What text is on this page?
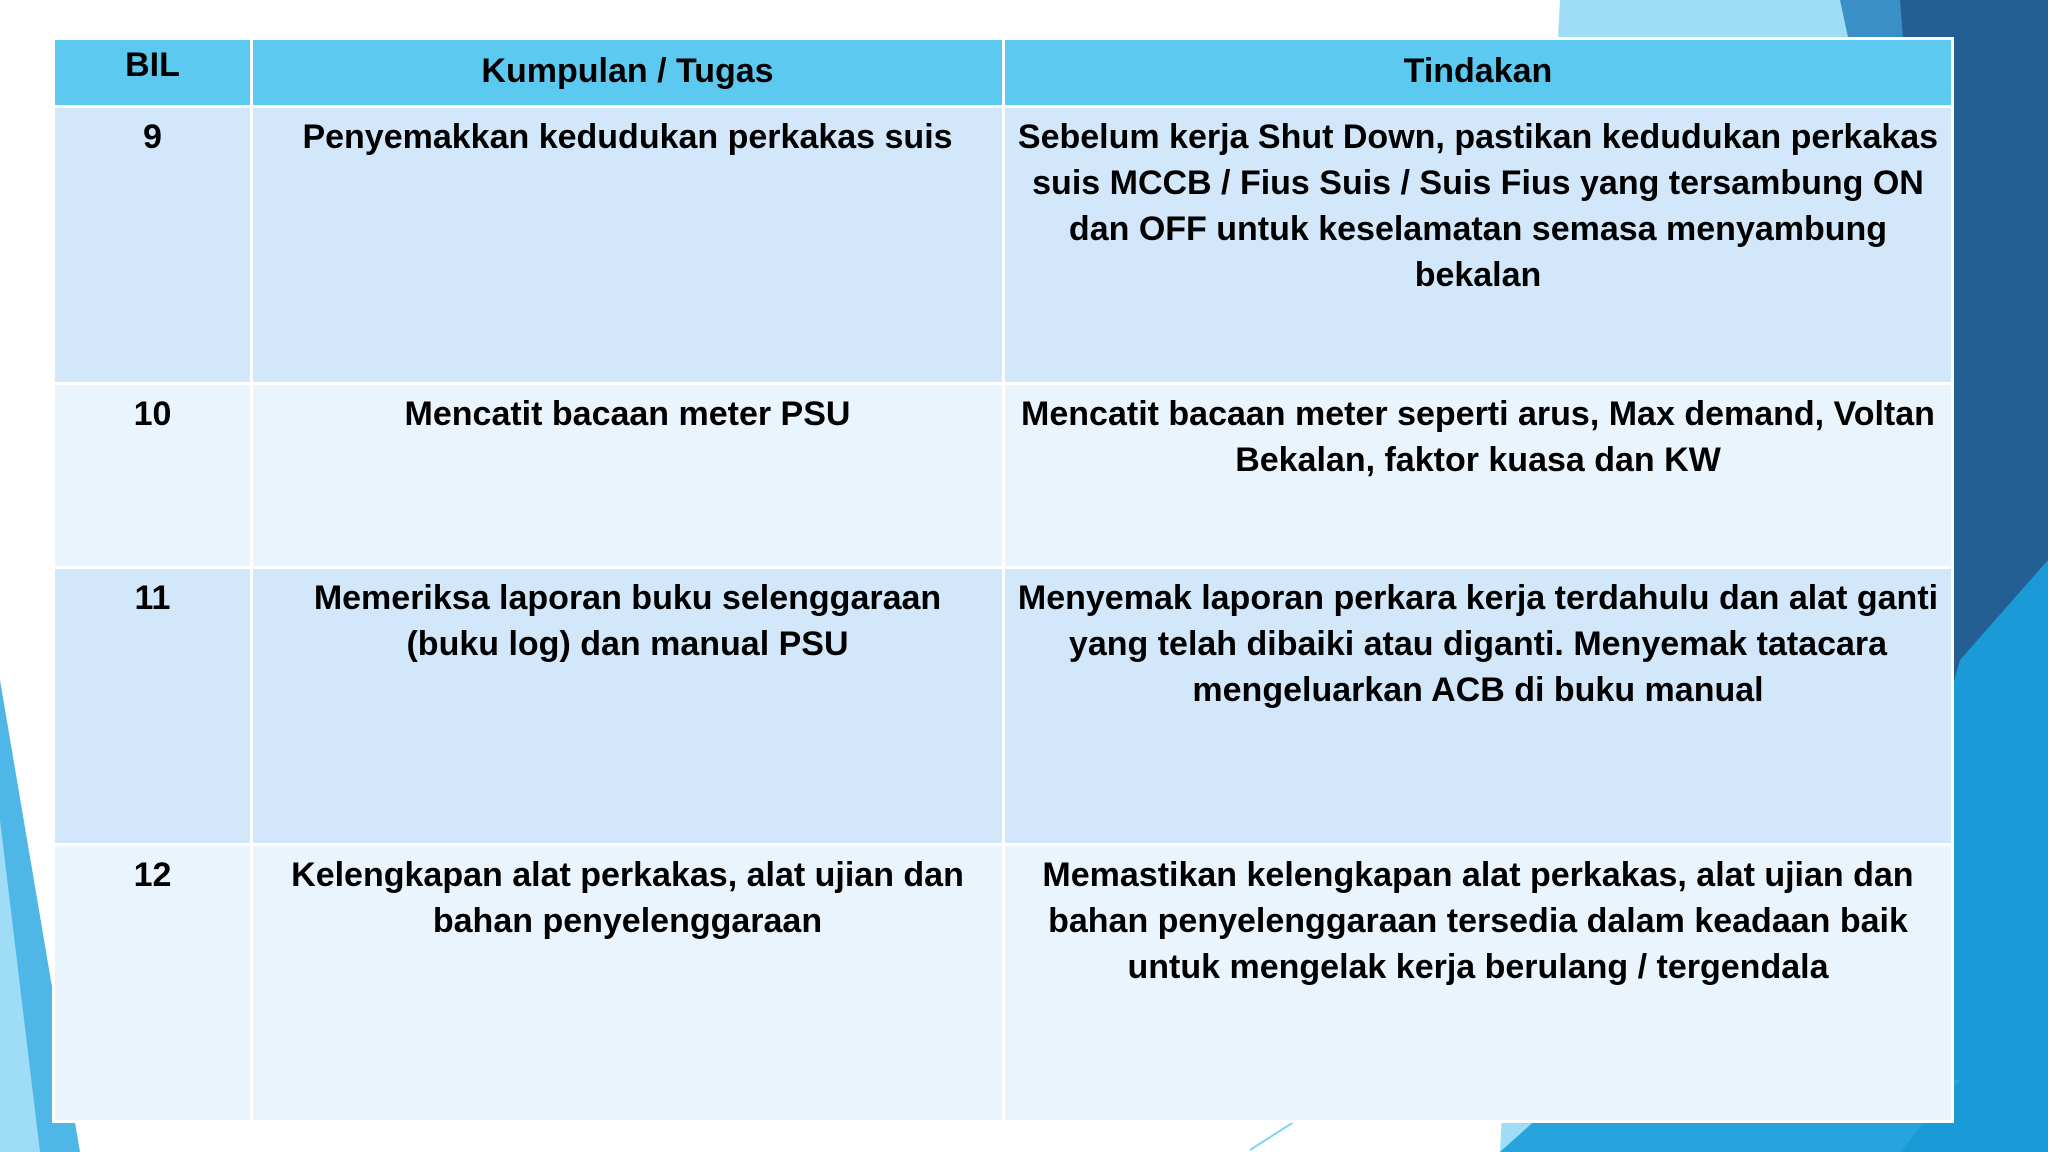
BIL	Kumpulan / Tugas	Tindakan
9	Penyemakkan kedudukan perkakas suis	Sebelum kerja Shut Down, pastikan kedudukan perkakas suis MCCB / Fius Suis / Suis Fius yang tersambung ON dan OFF untuk keselamatan semasa menyambung bekalan
10	Mencatit bacaan meter PSU	Mencatit bacaan meter seperti arus, Max demand, Voltan Bekalan, faktor kuasa dan KW
11	Memeriksa laporan buku selenggaraan (buku log) dan manual PSU	Menyemak laporan perkara kerja terdahulu dan alat ganti yang telah dibaiki atau diganti. Menyemak tatacara mengeluarkan ACB di buku manual
12	Kelengkapan alat perkakas, alat ujian dan bahan penyelenggaraan	Memastikan kelengkapan alat perkakas, alat ujian dan bahan penyelenggaraan tersedia dalam keadaan baik untuk mengelak kerja berulang / tergendala
